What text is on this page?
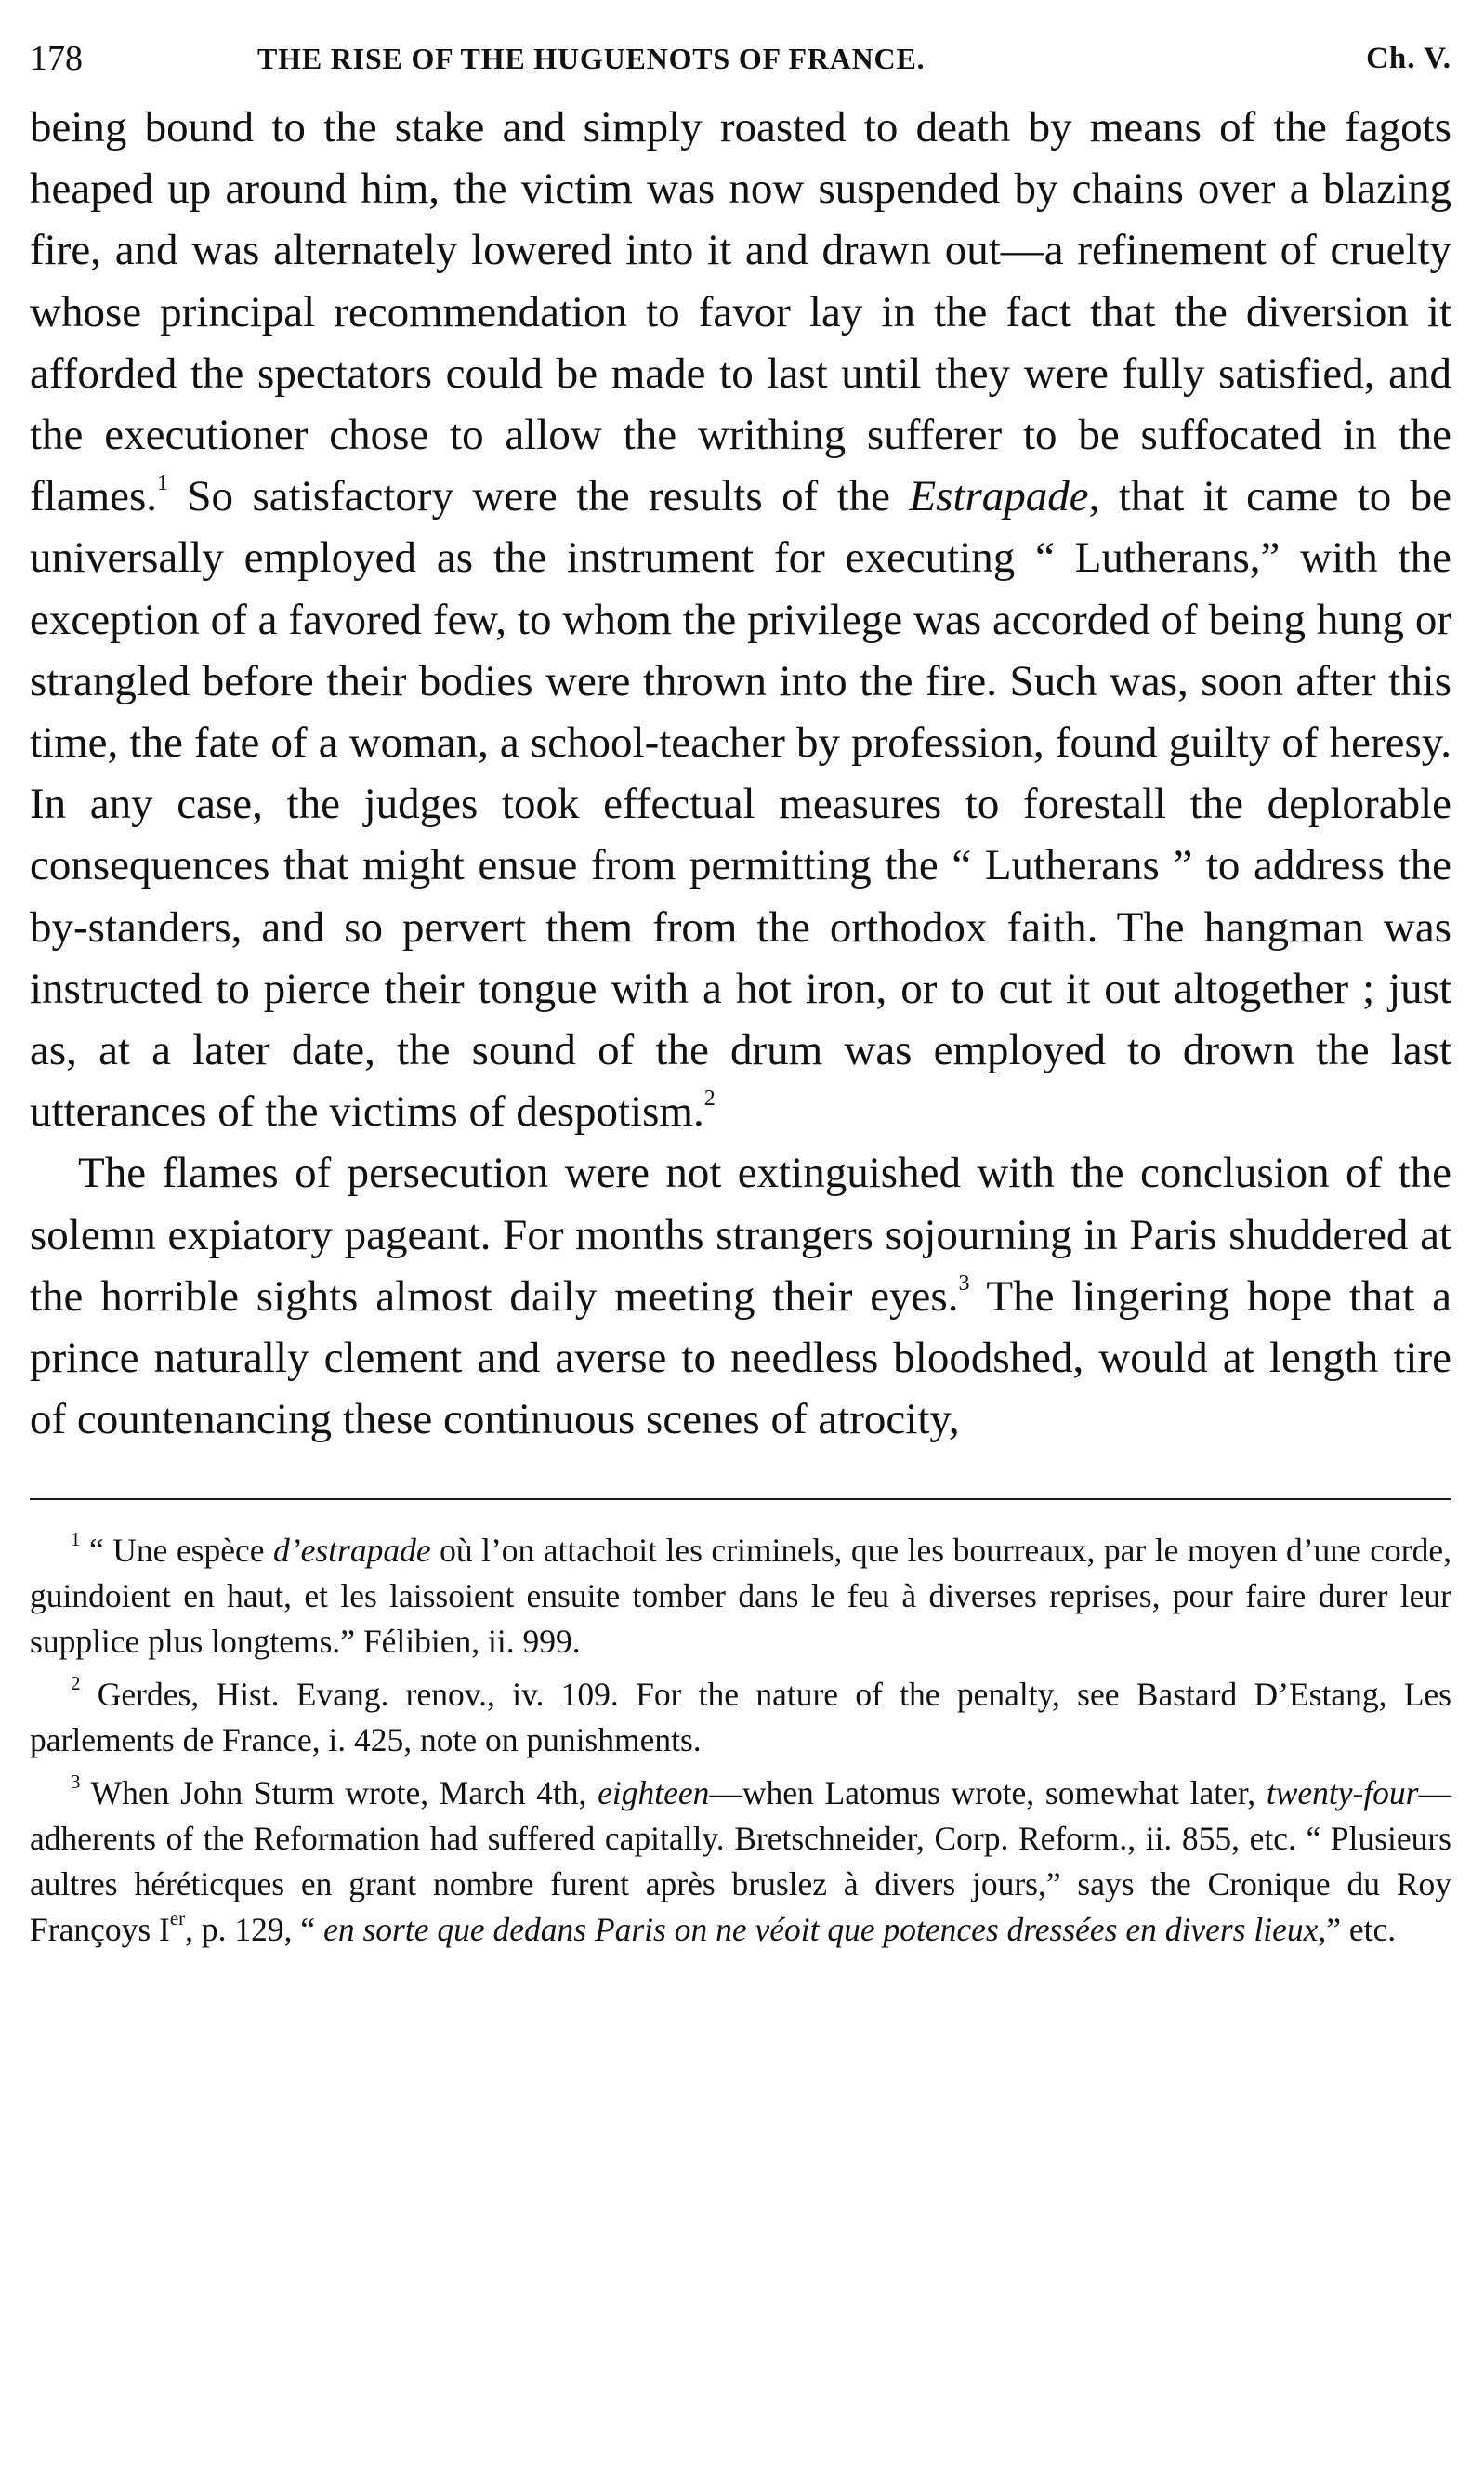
178	THE RISE OF THE HUGUENOTS OF FRANCE.	Ch. V.

being bound to the stake and simply roasted to death by means of the fagots heaped up around him, the victim was now suspended by chains over a blazing fire, and was alternately lowered into it and drawn out—a refinement of cruelty whose principal recommendation to favor lay in the fact that the diversion it afforded the spectators could be made to last until they were fully satisfied, and the executioner chose to allow the writhing sufferer to be suffocated in the flames.$^1$ So satisfactory were the results of the Estrapade, that it came to be universally employed as the instrument for executing “ Lutherans,” with the exception of a favored few, to whom the privilege was accorded of being hung or strangled before their bodies were thrown into the fire. Such was, soon after this time, the fate of a woman, a school-teacher by profession, found guilty of heresy. In any case, the judges took effectual measures to forestall the deplorable consequences that might ensue from permitting the “ Lutherans ” to address the by-standers, and so pervert them from the orthodox faith. The hangman was instructed to pierce their tongue with a hot iron, or to cut it out altogether ; just as, at a later date, the sound of the drum was employed to drown the last utterances of the victims of despotism.$^2$

The flames of persecution were not extinguished with the conclusion of the solemn expiatory pageant. For months strangers sojourning in Paris shuddered at the horrible sights almost daily meeting their eyes.$^3$ The lingering hope that a prince naturally clement and averse to needless bloodshed, would at length tire of countenancing these continuous scenes of atrocity,

$^1$ “ Une espèce d’estrapade où l’on attachoit les criminels, que les bourreaux, par le moyen d’une corde, guindoient en haut, et les laissoient ensuite tomber dans le feu à diverses reprises, pour faire durer leur supplice plus longtems.” Félibien, ii. 999.

$^2$ Gerdes, Hist. Evang. renov., iv. 109. For the nature of the penalty, see Bastard D’Estang, Les parlements de France, i. 425, note on punishments.

$^3$ When John Sturm wrote, March 4th, eighteen—when Latomus wrote, somewhat later, twenty-four—adherents of the Reformation had suffered capitally. Bretschneider, Corp. Reform., ii. 855, etc. “ Plusieurs aultres héréticques en grant nombre furent après bruslez à divers jours,” says the Cronique du Roy Françoys Ier, p. 129, “ en sorte que dedans Paris on ne véoit que potences dressées en divers lieux,” etc.
